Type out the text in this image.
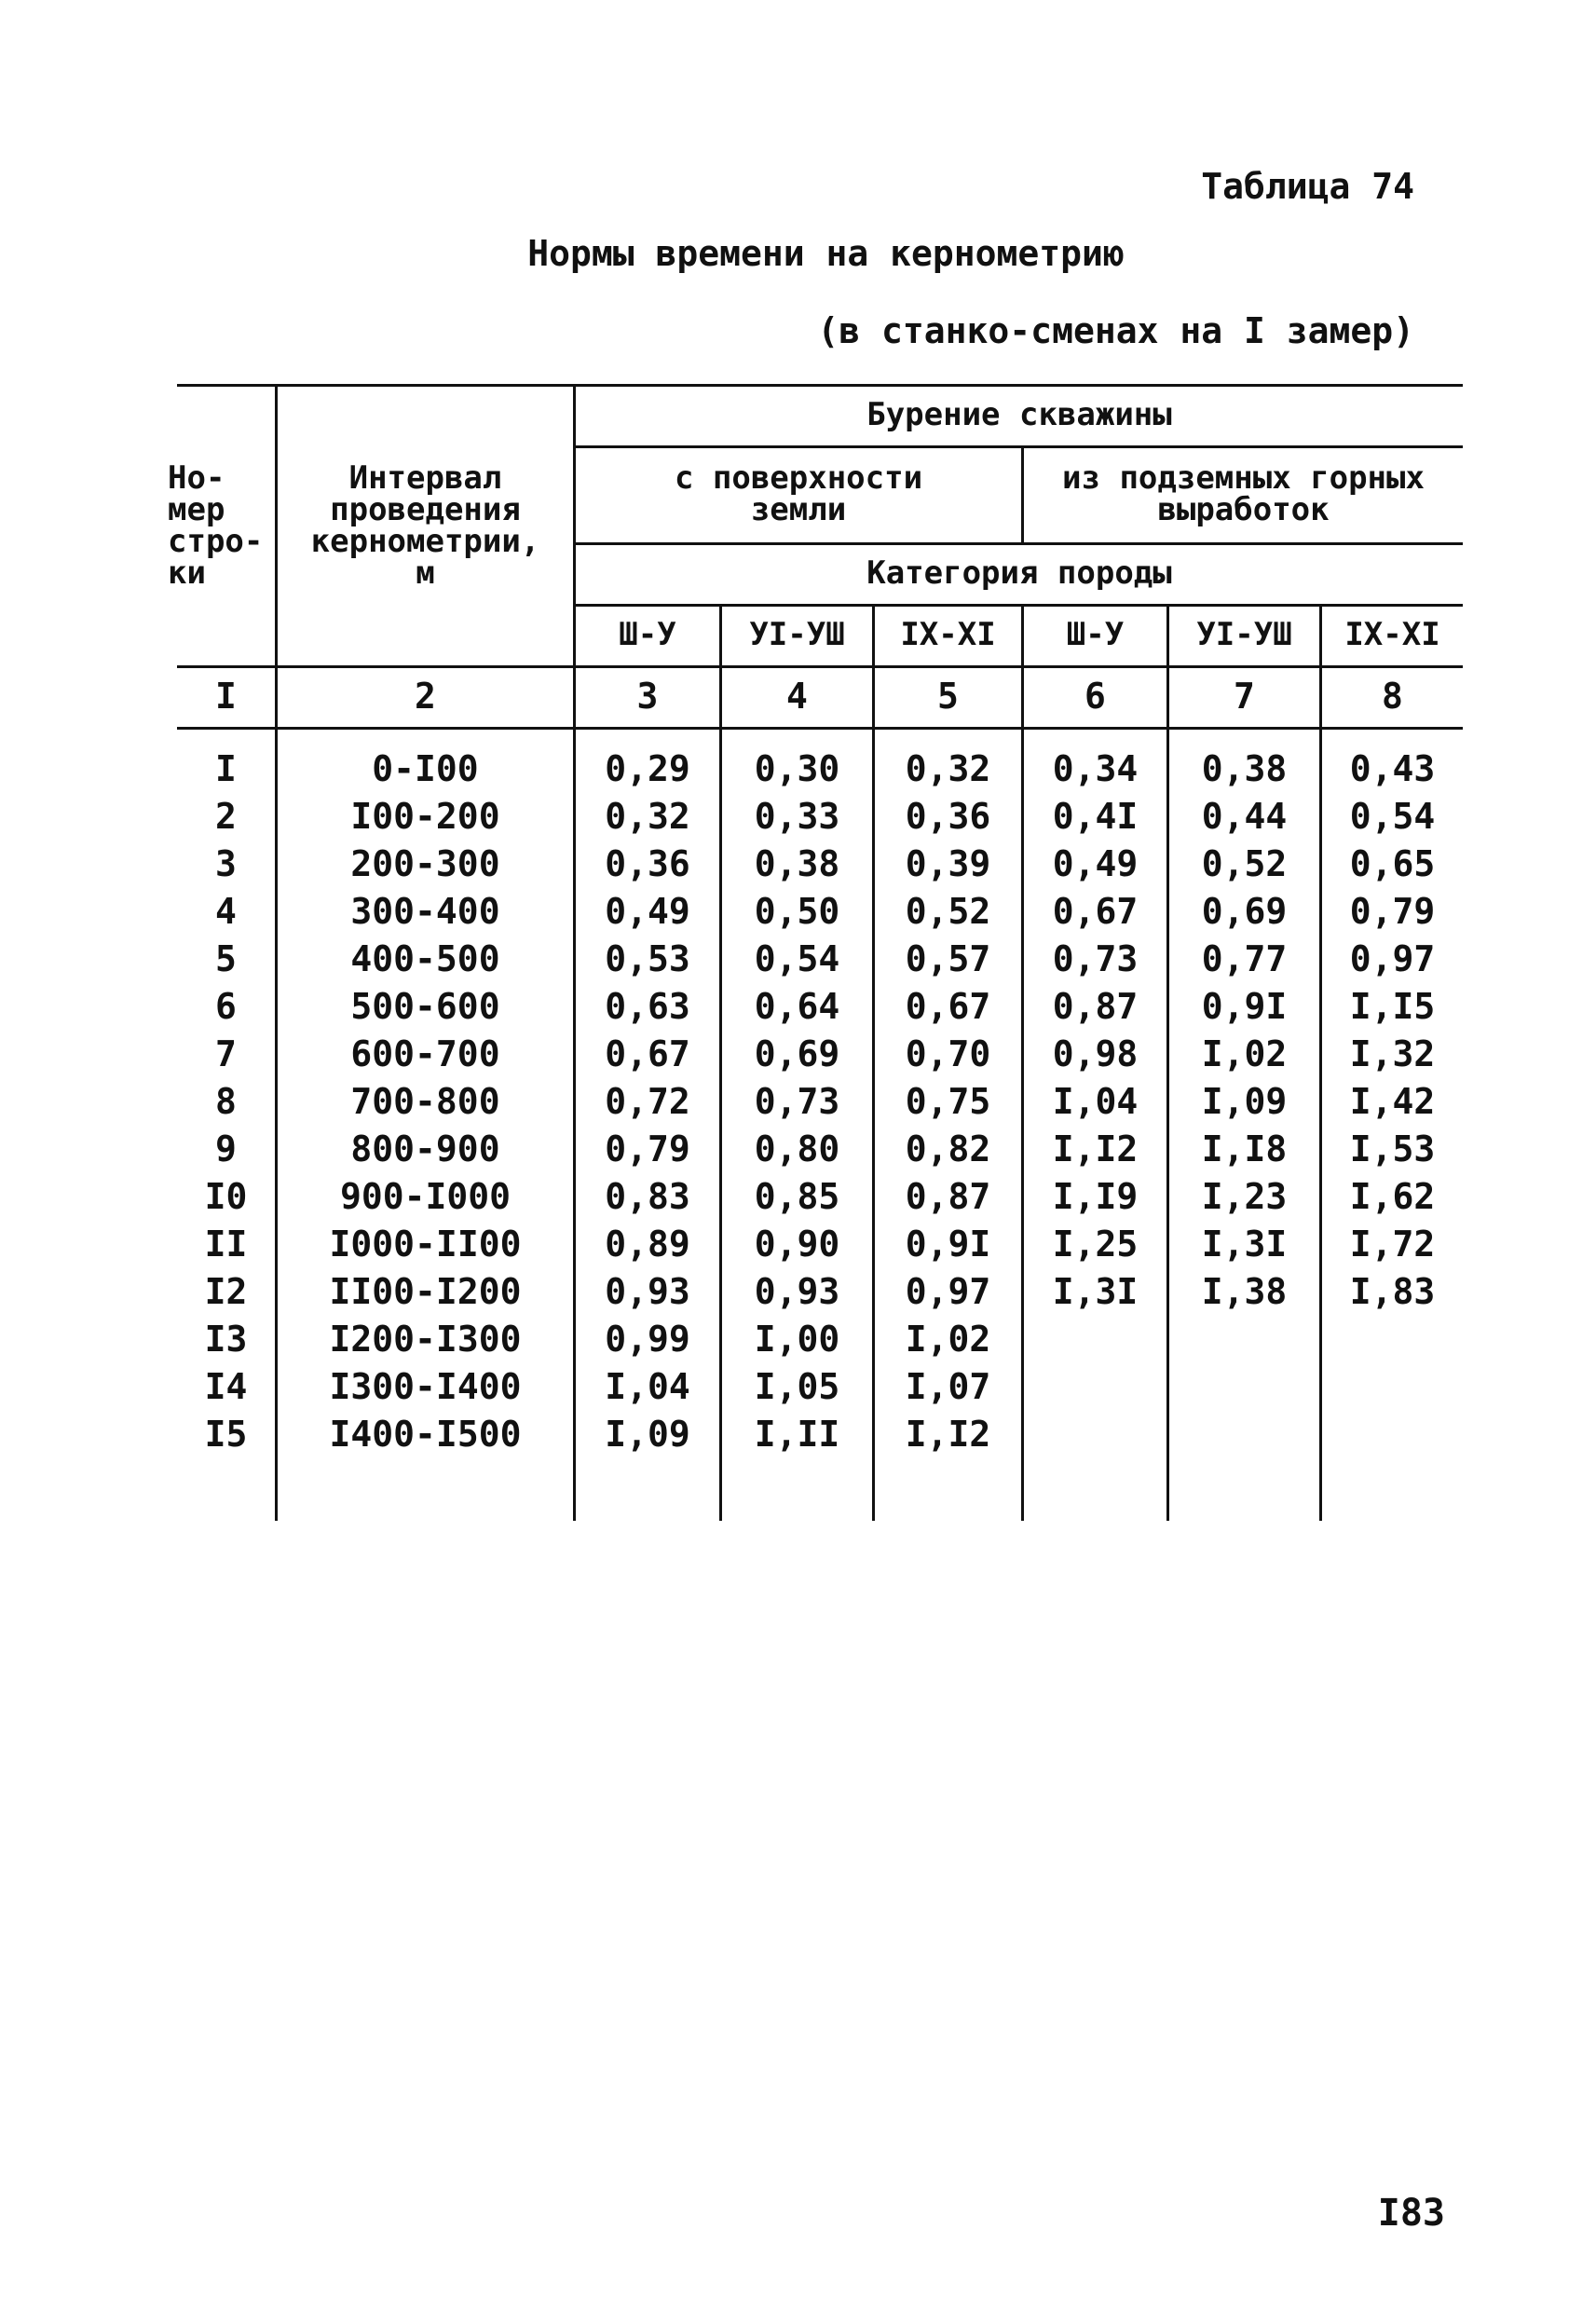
Таблица 74
Нормы времени на кернометрию
(в станко-сменах на I замер)
Но-
мер
стро-
ки
Интервал
проведения
кернометрии,
м
Бурение скважины
с поверхности
земли
из подземных горных
выработок
Категория породы
Ш-У	УI-УШ	IX-XI	Ш-У	УI-УШ	IX-XI
I	2	3	4	5	6	7	8
I	0-I00	0,29	0,30	0,32	0,34	0,38	0,43
2	I00-200	0,32	0,33	0,36	0,4I	0,44	0,54
3	200-300	0,36	0,38	0,39	0,49	0,52	0,65
4	300-400	0,49	0,50	0,52	0,67	0,69	0,79
5	400-500	0,53	0,54	0,57	0,73	0,77	0,97
6	500-600	0,63	0,64	0,67	0,87	0,9I	I,I5
7	600-700	0,67	0,69	0,70	0,98	I,02	I,32
8	700-800	0,72	0,73	0,75	I,04	I,09	I,42
9	800-900	0,79	0,80	0,82	I,I2	I,I8	I,53
I0	900-I000	0,83	0,85	0,87	I,I9	I,23	I,62
II	I000-II00	0,89	0,90	0,9I	I,25	I,3I	I,72
I2	II00-I200	0,93	0,93	0,97	I,3I	I,38	I,83
I3	I200-I300	0,99	I,00	I,02
I4	I300-I400	I,04	I,05	I,07
I5	I400-I500	I,09	I,II	I,I2
I83
